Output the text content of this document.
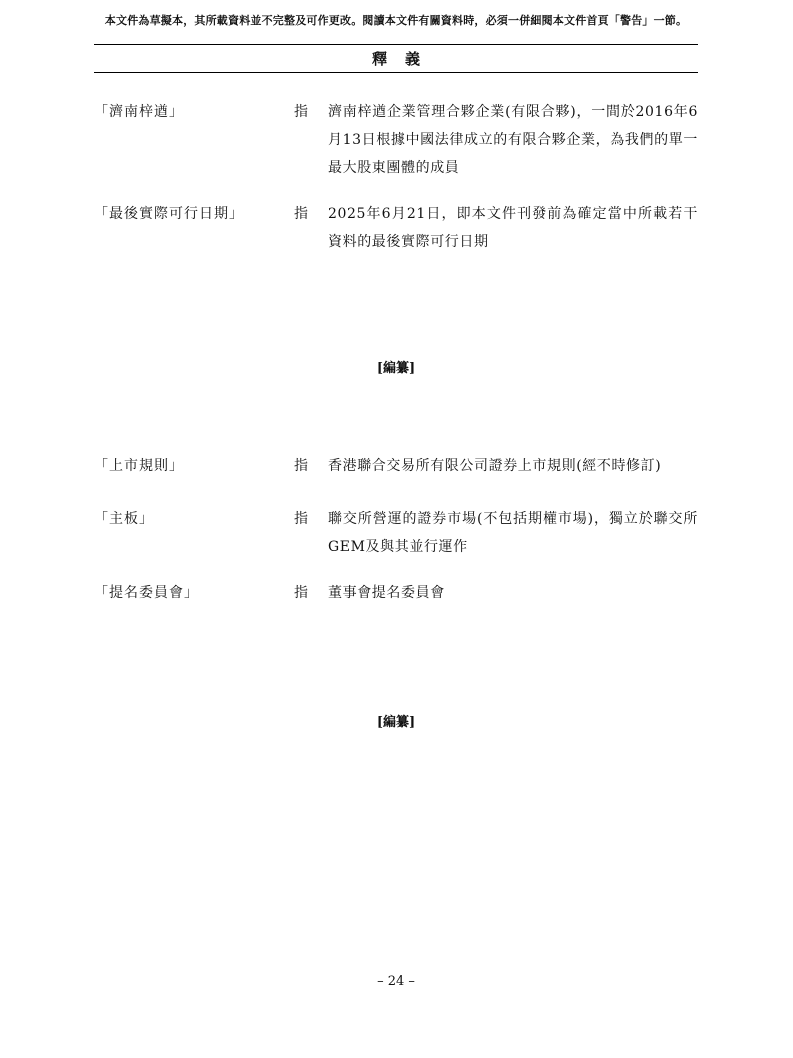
本文件為草擬本，其所載資料並不完整及可作更改。閱讀本文件有關資料時，必須一併細閱本文件首頁「警告」一節。
釋義
「濟南梓遒」	指 濟南梓遒企業管理合夥企業(有限合夥)，一間於2016年6月13日根據中國法律成立的有限合夥企業，為我們的單一最大股東團體的成員
「最後實際可行日期」	指 2025年6月21日，即本文件刊發前為確定當中所載若干資料的最後實際可行日期
[編纂]
「上市規則」	指 香港聯合交易所有限公司證券上市規則(經不時修訂)
「主板」	指 聯交所營運的證券市場(不包括期權市場)，獨立於聯交所GEM及與其並行運作
「提名委員會」	指 董事會提名委員會
[編纂]
– 24 –
